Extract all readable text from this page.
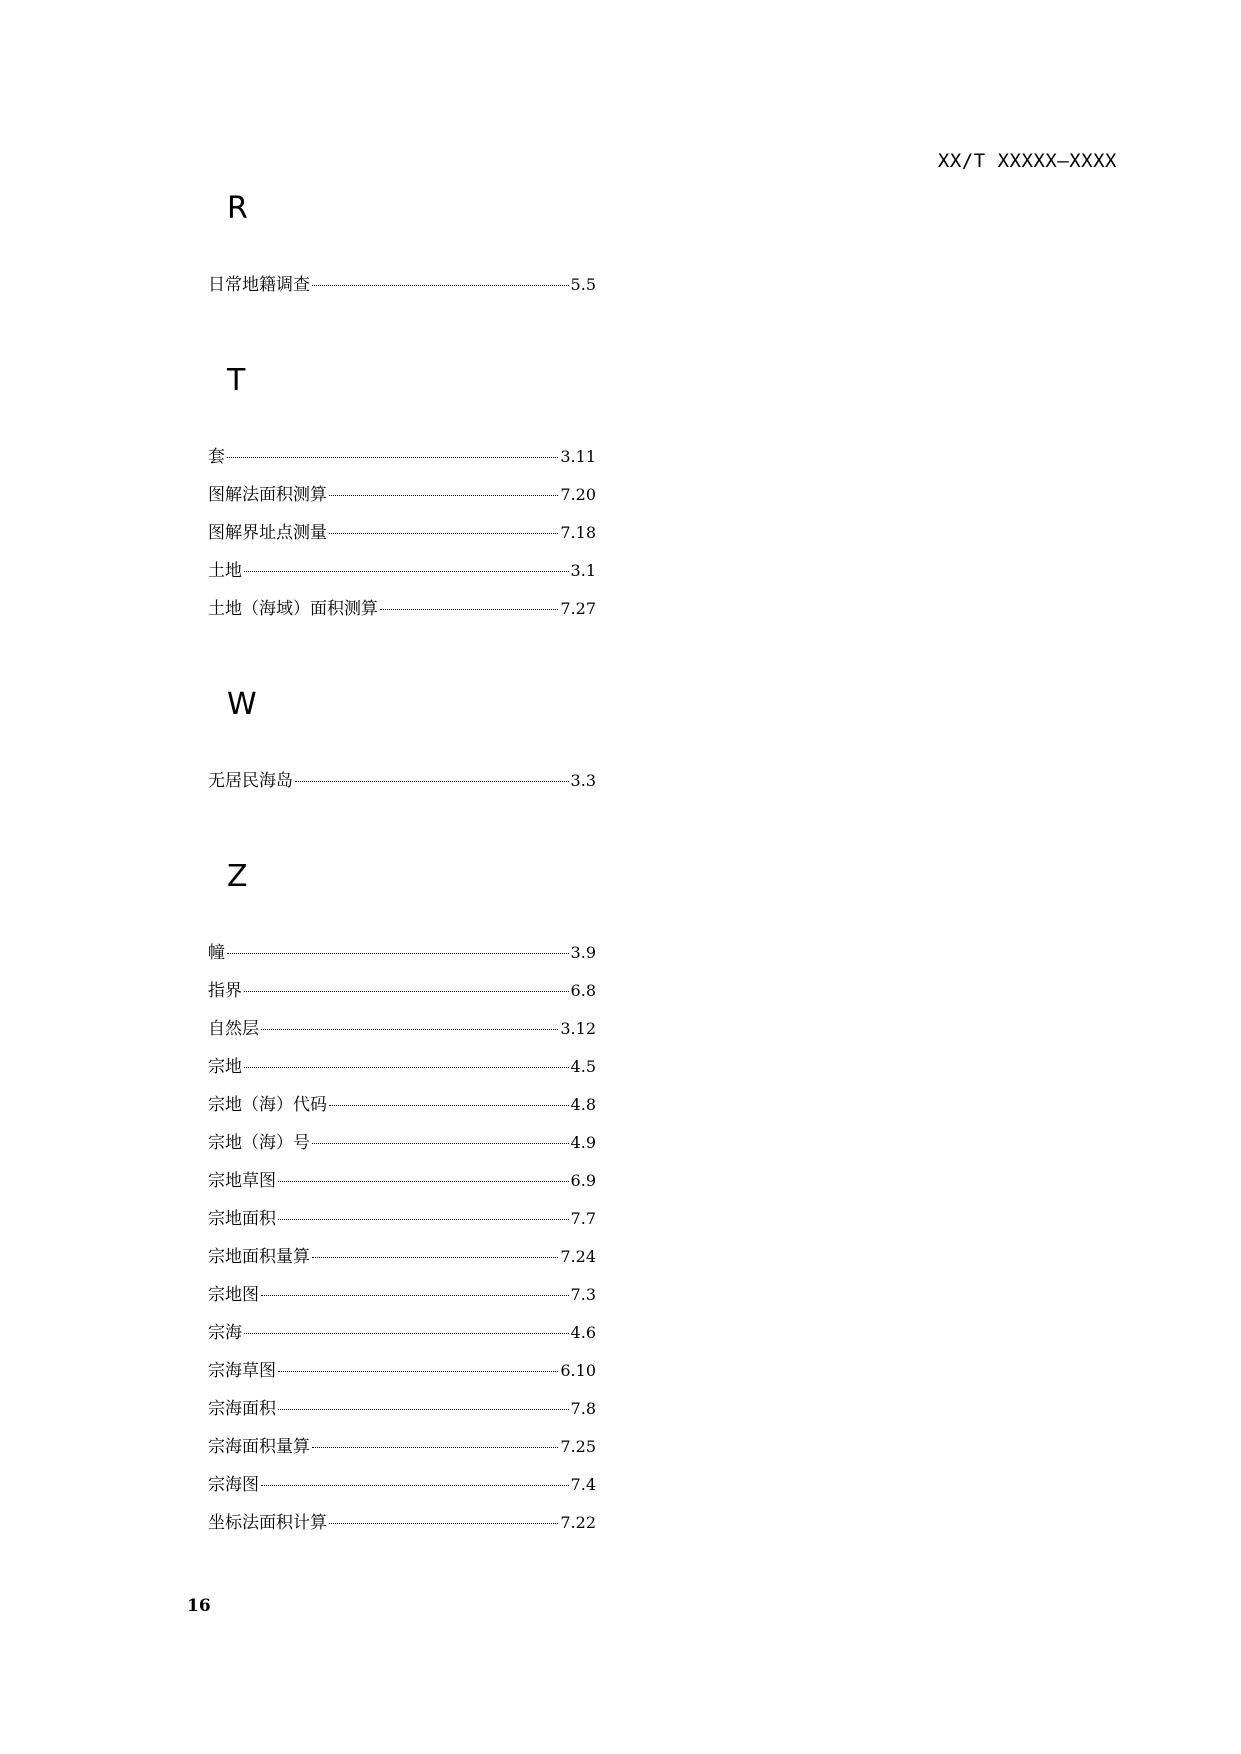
XX/T XXXXX—XXXX
R
日常地籍调查	5.5
T
套	3.11
图解法面积测算	7.20
图解界址点测量	7.18
土地	3.1
土地（海域）面积测算	7.27
W
无居民海岛	3.3
Z
幢	3.9
指界	6.8
自然层	3.12
宗地	4.5
宗地（海）代码	4.8
宗地（海）号	4.9
宗地草图	6.9
宗地面积	7.7
宗地面积量算	7.24
宗地图	7.3
宗海	4.6
宗海草图	6.10
宗海面积	7.8
宗海面积量算	7.25
宗海图	7.4
坐标法面积计算	7.22
16
